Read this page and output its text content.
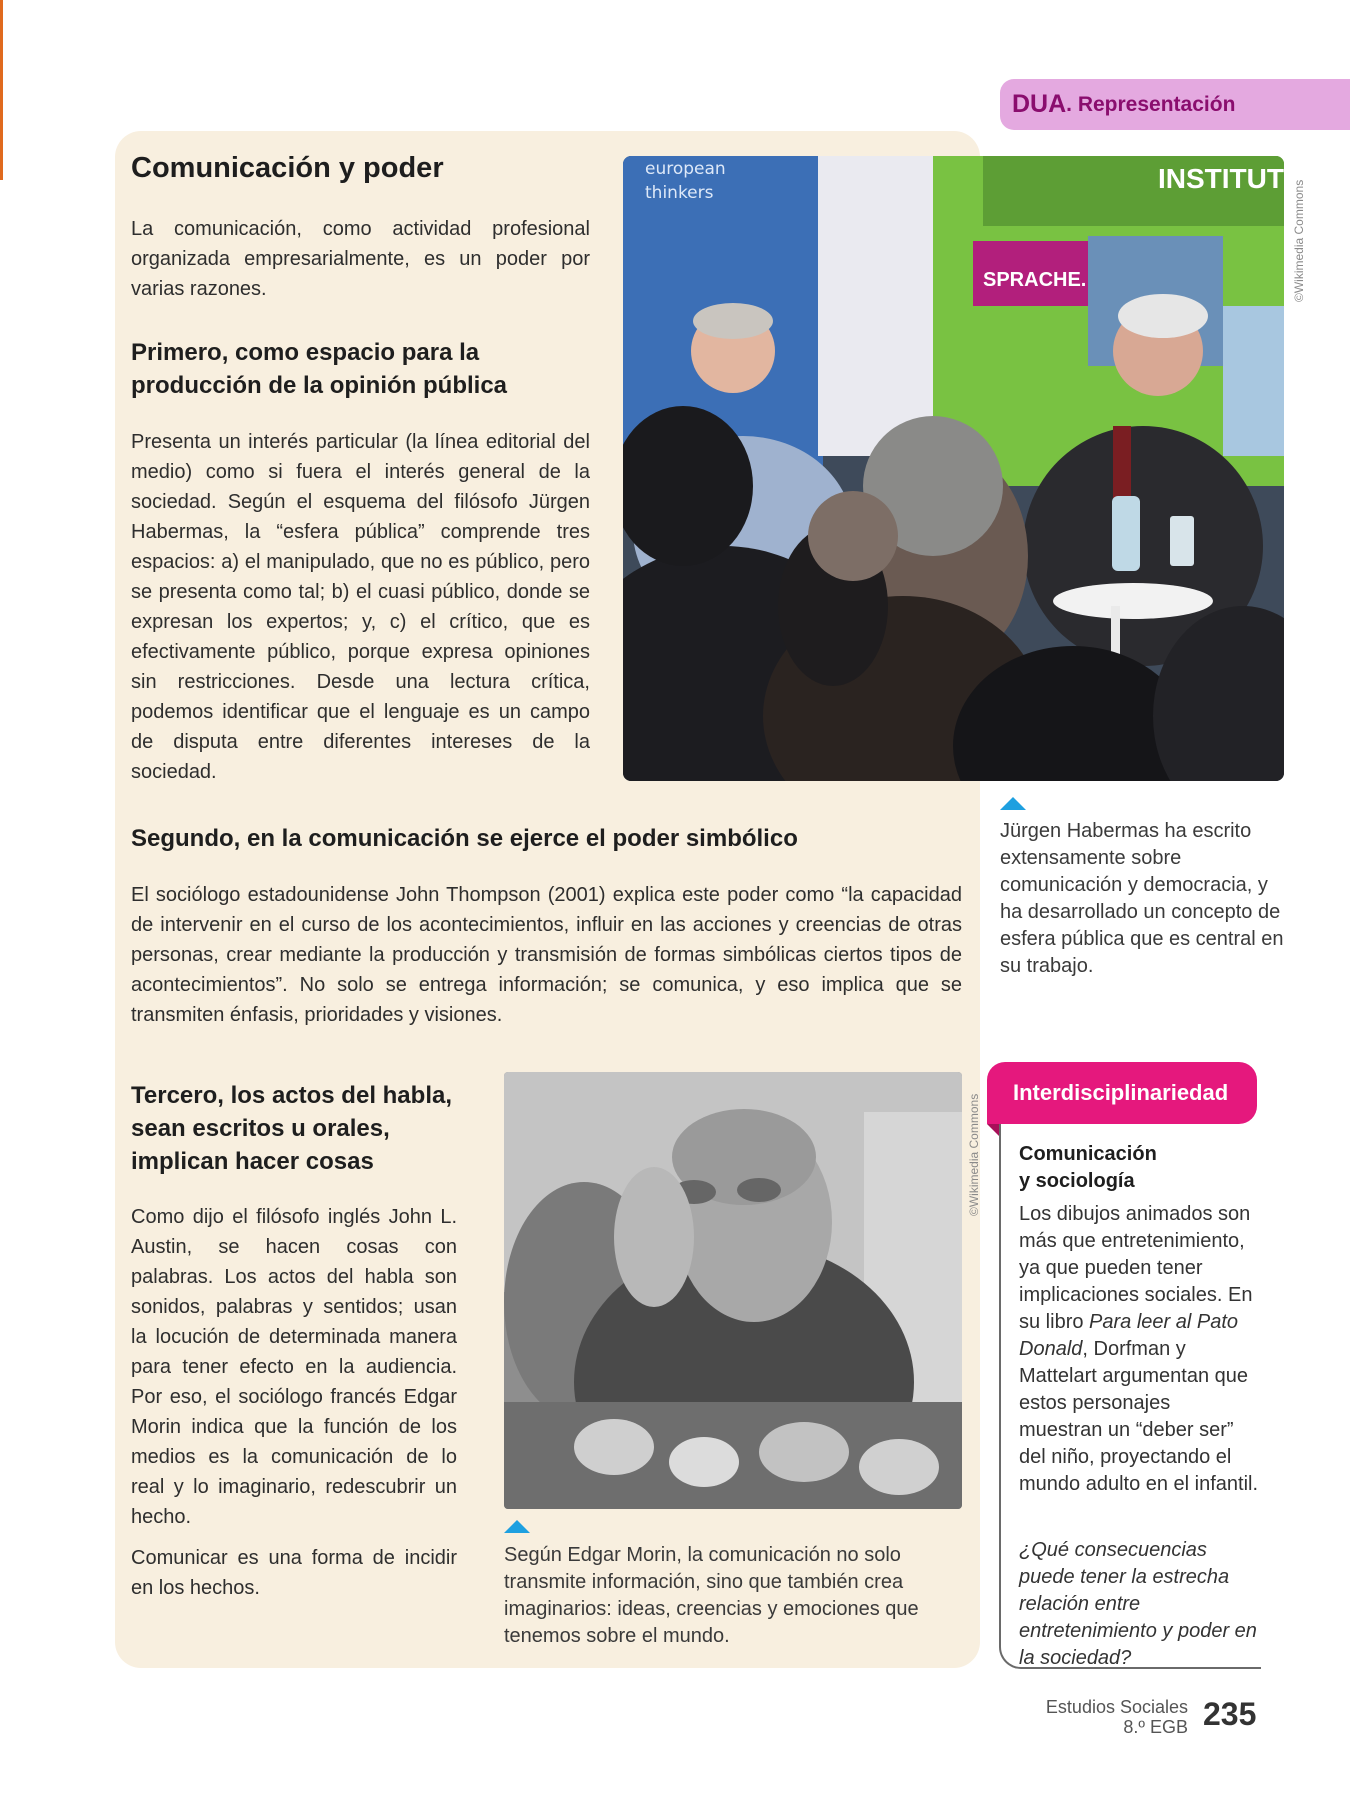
DUA . Representación
Comunicación y poder

La comunicación, como actividad profesional organizada empresarialmente, es un poder por varias razones.

Primero, como espacio para la
producción de la opinión pública

Presenta un interés particular (la línea editorial del medio) como si fuera el interés general de la sociedad. Según el esquema del filósofo Jürgen Habermas, la “esfera pública” comprende tres espacios: a) el manipulado, que no es público, pero se presenta como tal; b) el cuasi público, donde se expresan los expertos; y, c) el crítico, que es efectivamente público, porque expresa opiniones sin restricciones. Desde una lectura crítica, podemos identificar que el lenguaje es un campo de disputa entre diferentes intereses de la sociedad.

european
thinkers	INSTITUT
SPRACHE.	©Wikimedia Commons

Jürgen Habermas ha escrito extensamente sobre comunicación y democracia, y ha desarrollado un concepto de esfera pública que es central en su trabajo.

Segundo, en la comunicación se ejerce el poder simbólico

El sociólogo estadounidense John Thompson (2001) explica este poder como “la capacidad de intervenir en el curso de los acontecimientos, influir en las acciones y creencias de otras personas, crear mediante la producción y transmisión de formas simbólicas ciertos tipos de acontecimientos”. No solo se entrega información; se comunica, y eso implica que se transmiten énfasis, prioridades y visiones.

Tercero, los actos del habla,
sean escritos u orales,
implican hacer cosas

Como dijo el filósofo inglés John L. Austin, se hacen cosas con palabras. Los actos del habla son sonidos, palabras y sentidos; usan la locución de determinada manera para tener efecto en la audiencia. Por eso, el sociólogo francés Edgar Morin indica que la función de los medios es la comunicación de lo real y lo imaginario, redescubrir un hecho.

Comunicar es una forma de incidir en los hechos.

©Wikimedia Commons

Según Edgar Morin, la comunicación no solo transmite información, sino que también crea imaginarios: ideas, creencias y emociones que tenemos sobre el mundo.

Interdisciplinariedad

Comunicación
y sociología

Los dibujos animados son más que entretenimiento, ya que pueden tener implicaciones sociales. En su libro Para leer al Pato Donald, Dorfman y Mattelart argumentan que estos personajes muestran un “deber ser” del niño, proyectando el mundo adulto en el infantil.

¿Qué consecuencias puede tener la estrecha relación entre entretenimiento y poder en la sociedad?

Estudios Sociales
8.º EGB 235
